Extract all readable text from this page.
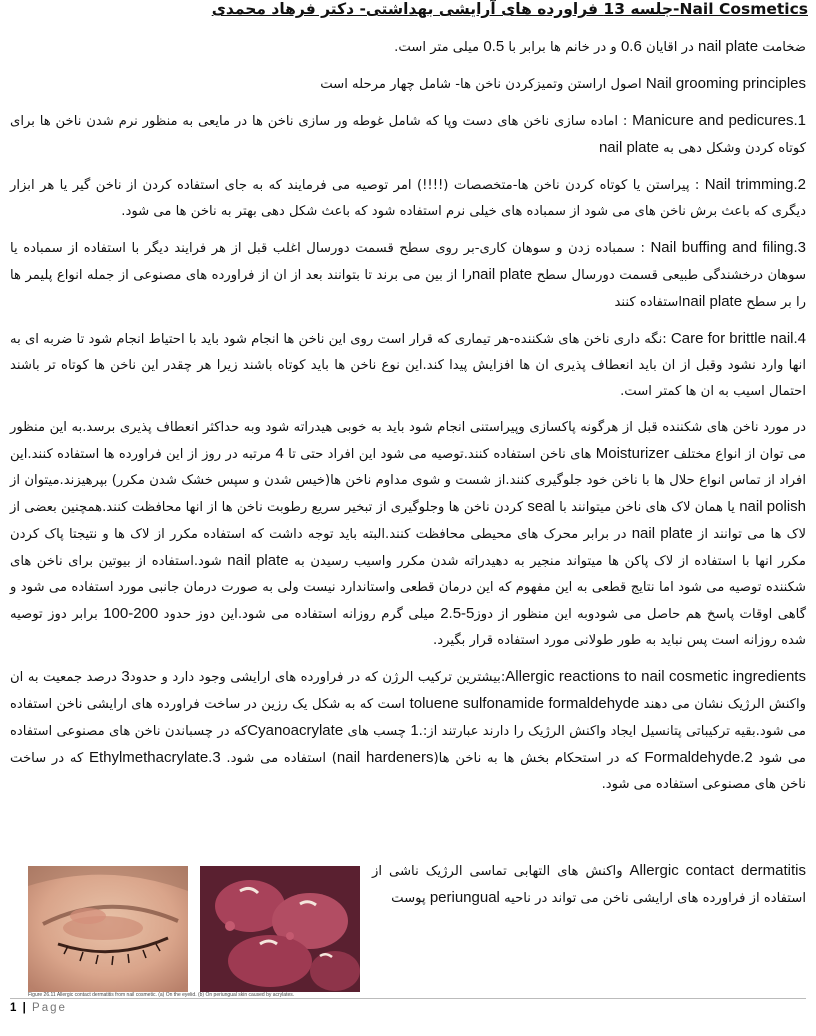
Nail Cosmetics-جلسه 13 فراورده های آرایشی بهداشتی- دکتر فرهاد محمدی

ضخامت nail plate در اقایان 0.6 و در خانم ها برابر با 0.5 میلی متر است.

Nail grooming principles اصول اراستن وتمیزکردن ناخن ها- شامل چهار مرحله است

Manicure and pedicures.1 : اماده سازی ناخن های دست وپا که شامل غوطه ور سازی ناخن ها در مایعی به منظور نرم شدن ناخن ها برای کوتاه کردن وشکل دهی به nail plate

Nail trimming.2 : پیراستن یا کوتاه کردن ناخن ها-متخصصات (!!!!) امر توصیه می فرمایند که به جای استفاده کردن از ناخن گیر یا هر ابزار دیگری که باعث برش ناخن های می شود از سمباده های خیلی نرم استفاده شود که باعث شکل دهی بهتر به ناخن ها می شود.

Nail buffing and filing.3 : سمباده زدن و سوهان کاری-بر روی سطح قسمت دورسال اغلب قبل از هر فرایند دیگر با استفاده از سمباده یا سوهان درخشندگی طبیعی قسمت دورسال سطح nail plateرا از بین می برند تا بتوانند بعد از ان از فراورده های مصنوعی از جمله انواع پلیمر ها را بر سطح nail plateاستفاده کنند

Care for brittle nail.4 :نگه داری ناخن های شکننده-هر تیماری که قرار است روی این ناخن ها انجام شود باید با احتیاط انجام شود تا ضربه ای به انها وارد نشود وقبل از ان باید انعطاف پذیری ان ها افزایش پیدا کند.این نوع ناخن ها باید کوتاه باشند زیرا هر چقدر این ناخن ها کوتاه تر باشند احتمال اسیب به ان ها کمتر است.

در مورد ناخن های شکننده قبل از هرگونه پاکسازی وپیراستنی انجام شود باید به خوبی هیدراته شود وبه حداکثر انعطاف پذیری برسد.به این منظور می توان از انواع مختلف Moisturizer های ناخن استفاده کنند.توصیه می شود این افراد حتی تا 4 مرتبه در روز از این فراورده ها استفاده کنند.این افراد از تماس انواع حلال ها با ناخن خود جلوگیری کنند.از شست و شوی مداوم ناخن ها(خیس شدن و سپس خشک شدن مکرر) بپرهیزند.میتوان از nail polish یا همان لاک های ناخن میتوانند با seal کردن ناخن ها وجلوگیری از تبخیر سریع رطوبت ناخن ها از انها محافظت کنند.همچنین بعضی از لاک ها می توانند از nail plate در برابر محرک های محیطی محافظت کنند.البته باید توجه داشت که استفاده مکرر از لاک ها و نتیجتا پاک کردن مکرر انها با استفاده از لاک پاکن ها میتواند منجیر به دهیدراته شدن مکرر واسیب رسیدن به nail plate شود.استفاده از بیوتین برای ناخن های شکننده توصیه می شود اما نتایج قطعی به این مفهوم که این درمان قطعی واستاندارد نیست ولی به صورت درمان جانبی مورد استفاده می شود و گاهی اوقات پاسخ هم حاصل می شودوبه این منظور از دوز2.5-5 میلی گرم روزانه استفاده می شود.این دوز حدود 100-200 برابر دوز توصیه شده روزانه است پس نباید به طور طولانی مورد استفاده قرار بگیرد.

Allergic reactions to nail cosmetic ingredients:بیشترین ترکیب الرژن که در فراورده های ارایشی وجود دارد و حدود3 درصد جمعیت به ان واکنش الرژیک نشان می دهند toluene sulfonamide formaldehyde است که به شکل یک رزین در ساخت فراورده های ارایشی ناخن استفاده می شود.بقیه ترکیباتی پتانسیل ایجاد واکنش الرژیک را دارند عبارتند از:1. چسب های Cyanoacrylateکه در چسباندن ناخن های مصنوعی استفاده می شود Formaldehyde.2 که در استحکام بخش ها به ناخن ها(nail hardeners) استفاده می شود. Ethylmethacrylate.3 که در ساخت ناخن های مصنوعی استفاده می شود.

Figure 26.11 Allergic contact dermatitis from nail cosmetic. (a) On the eyelid. (b) On periungual skin caused by acrylates.

Allergic contact dermatitis واکنش های التهابی تماسی الرژیک ناشی از استفاده از فراورده های ارایشی ناخن می تواند در ناحیه periungual پوست

1 | Page
